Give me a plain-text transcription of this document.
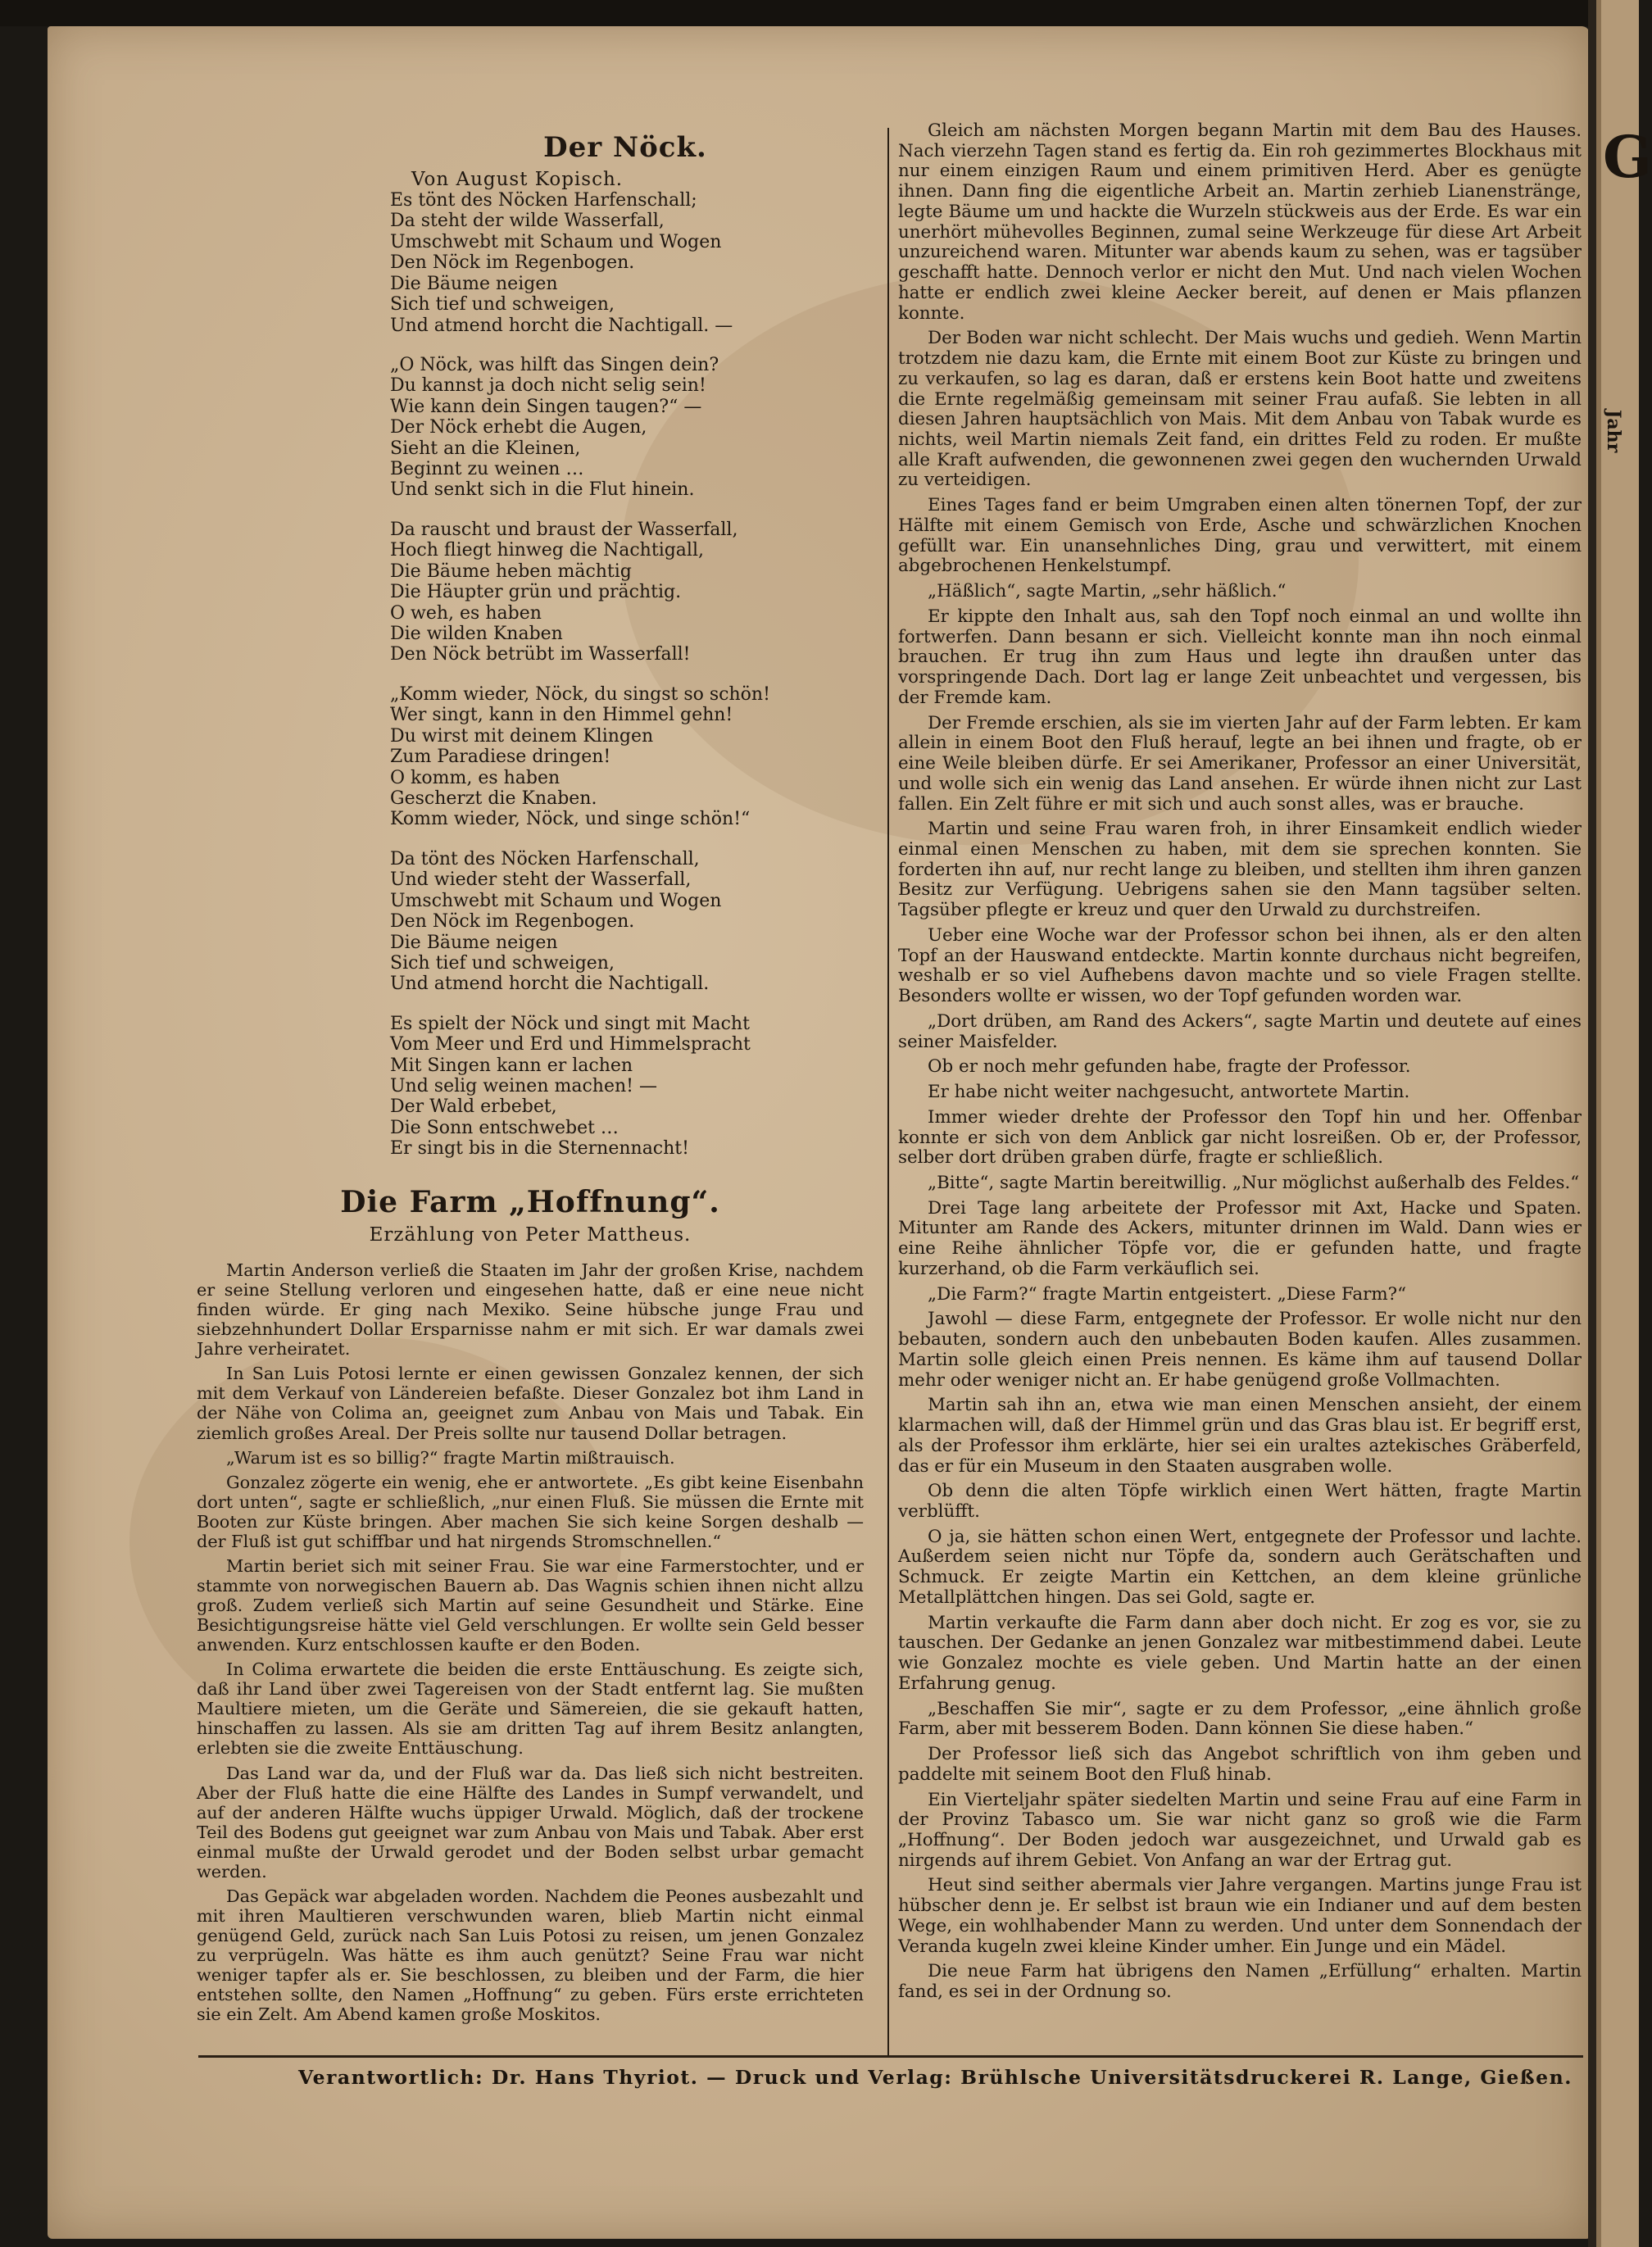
G
Jahr
Der Nöck.
Von August Kopisch.
Es tönt des Nöcken Harfenschall;
Da steht der wilde Wasserfall,
Umschwebt mit Schaum und Wogen
Den Nöck im Regenbogen.
Die Bäume neigen
Sich tief und schweigen,
Und atmend horcht die Nachtigall. —
„O Nöck, was hilft das Singen dein?
Du kannst ja doch nicht selig sein!
Wie kann dein Singen taugen?“ —
Der Nöck erhebt die Augen,
Sieht an die Kleinen,
Beginnt zu weinen …
Und senkt sich in die Flut hinein.
Da rauscht und braust der Wasserfall,
Hoch fliegt hinweg die Nachtigall,
Die Bäume heben mächtig
Die Häupter grün und prächtig.
O weh, es haben
Die wilden Knaben
Den Nöck betrübt im Wasserfall!
„Komm wieder, Nöck, du singst so schön!
Wer singt, kann in den Himmel gehn!
Du wirst mit deinem Klingen
Zum Paradiese dringen!
O komm, es haben
Gescherzt die Knaben.
Komm wieder, Nöck, und singe schön!“
Da tönt des Nöcken Harfenschall,
Und wieder steht der Wasserfall,
Umschwebt mit Schaum und Wogen
Den Nöck im Regenbogen.
Die Bäume neigen
Sich tief und schweigen,
Und atmend horcht die Nachtigall.
Es spielt der Nöck und singt mit Macht
Vom Meer und Erd und Himmelspracht
Mit Singen kann er lachen
Und selig weinen machen! —
Der Wald erbebet,
Die Sonn entschwebet …
Er singt bis in die Sternennacht!
Die Farm „Hoffnung“.
Erzählung von Peter Mattheus.

Martin Anderson verließ die Staaten im Jahr der großen Krise, nachdem er seine Stellung verloren und eingesehen hatte, daß er eine neue nicht finden würde. Er ging nach Mexiko. Seine hübsche junge Frau und siebzehnhundert Dollar Ersparnisse nahm er mit sich. Er war damals zwei Jahre verheiratet.

In San Luis Potosi lernte er einen gewissen Gonzalez kennen, der sich mit dem Verkauf von Ländereien befaßte. Dieser Gonzalez bot ihm Land in der Nähe von Colima an, geeignet zum Anbau von Mais und Tabak. Ein ziemlich großes Areal. Der Preis sollte nur tausend Dollar betragen.

„Warum ist es so billig?“ fragte Martin mißtrauisch.

Gonzalez zögerte ein wenig, ehe er antwortete. „Es gibt keine Eisenbahn dort unten“, sagte er schließlich, „nur einen Fluß. Sie müssen die Ernte mit Booten zur Küste bringen. Aber machen Sie sich keine Sorgen deshalb — der Fluß ist gut schiffbar und hat nirgends Stromschnellen.“

Martin beriet sich mit seiner Frau. Sie war eine Farmerstochter, und er stammte von norwegischen Bauern ab. Das Wagnis schien ihnen nicht allzu groß. Zudem verließ sich Martin auf seine Gesundheit und Stärke. Eine Besichtigungsreise hätte viel Geld verschlungen. Er wollte sein Geld besser anwenden. Kurz entschlossen kaufte er den Boden.

In Colima erwartete die beiden die erste Enttäuschung. Es zeigte sich, daß ihr Land über zwei Tagereisen von der Stadt entfernt lag. Sie mußten Maultiere mieten, um die Geräte und Sämereien, die sie gekauft hatten, hinschaffen zu lassen. Als sie am dritten Tag auf ihrem Besitz anlangten, erlebten sie die zweite Enttäuschung.

Das Land war da, und der Fluß war da. Das ließ sich nicht bestreiten. Aber der Fluß hatte die eine Hälfte des Landes in Sumpf verwandelt, und auf der anderen Hälfte wuchs üppiger Urwald. Möglich, daß der trockene Teil des Bodens gut geeignet war zum Anbau von Mais und Tabak. Aber erst einmal mußte der Urwald gerodet und der Boden selbst urbar gemacht werden.

Das Gepäck war abgeladen worden. Nachdem die Peones ausbezahlt und mit ihren Maultieren verschwunden waren, blieb Martin nicht einmal genügend Geld, zurück nach San Luis Potosi zu reisen, um jenen Gonzalez zu verprügeln. Was hätte es ihm auch genützt? Seine Frau war nicht weniger tapfer als er. Sie beschlossen, zu bleiben und der Farm, die hier entstehen sollte, den Namen „Hoffnung“ zu geben. Fürs erste errichteten sie ein Zelt. Am Abend kamen große Moskitos.

Gleich am nächsten Morgen begann Martin mit dem Bau des Hauses. Nach vierzehn Tagen stand es fertig da. Ein roh gezimmertes Blockhaus mit nur einem einzigen Raum und einem primitiven Herd. Aber es genügte ihnen. Dann fing die eigentliche Arbeit an. Martin zerhieb Lianenstränge, legte Bäume um und hackte die Wurzeln stückweis aus der Erde. Es war ein unerhört mühevolles Beginnen, zumal seine Werkzeuge für diese Art Arbeit unzureichend waren. Mitunter war abends kaum zu sehen, was er tagsüber geschafft hatte. Dennoch verlor er nicht den Mut. Und nach vielen Wochen hatte er endlich zwei kleine Aecker bereit, auf denen er Mais pflanzen konnte.

Der Boden war nicht schlecht. Der Mais wuchs und gedieh. Wenn Martin trotzdem nie dazu kam, die Ernte mit einem Boot zur Küste zu bringen und zu verkaufen, so lag es daran, daß er erstens kein Boot hatte und zweitens die Ernte regelmäßig gemeinsam mit seiner Frau aufaß. Sie lebten in all diesen Jahren hauptsächlich von Mais. Mit dem Anbau von Tabak wurde es nichts, weil Martin niemals Zeit fand, ein drittes Feld zu roden. Er mußte alle Kraft aufwenden, die gewonnenen zwei gegen den wuchernden Urwald zu verteidigen.

Eines Tages fand er beim Umgraben einen alten tönernen Topf, der zur Hälfte mit einem Gemisch von Erde, Asche und schwärzlichen Knochen gefüllt war. Ein unansehnliches Ding, grau und verwittert, mit einem abgebrochenen Henkelstumpf.

„Häßlich“, sagte Martin, „sehr häßlich.“

Er kippte den Inhalt aus, sah den Topf noch einmal an und wollte ihn fortwerfen. Dann besann er sich. Vielleicht konnte man ihn noch einmal brauchen. Er trug ihn zum Haus und legte ihn draußen unter das vorspringende Dach. Dort lag er lange Zeit unbeachtet und vergessen, bis der Fremde kam.

Der Fremde erschien, als sie im vierten Jahr auf der Farm lebten. Er kam allein in einem Boot den Fluß herauf, legte an bei ihnen und fragte, ob er eine Weile bleiben dürfe. Er sei Amerikaner, Professor an einer Universität, und wolle sich ein wenig das Land ansehen. Er würde ihnen nicht zur Last fallen. Ein Zelt führe er mit sich und auch sonst alles, was er brauche.

Martin und seine Frau waren froh, in ihrer Einsamkeit endlich wieder einmal einen Menschen zu haben, mit dem sie sprechen konnten. Sie forderten ihn auf, nur recht lange zu bleiben, und stellten ihm ihren ganzen Besitz zur Verfügung. Uebrigens sahen sie den Mann tagsüber selten. Tagsüber pflegte er kreuz und quer den Urwald zu durchstreifen.

Ueber eine Woche war der Professor schon bei ihnen, als er den alten Topf an der Hauswand entdeckte. Martin konnte durchaus nicht begreifen, weshalb er so viel Aufhebens davon machte und so viele Fragen stellte. Besonders wollte er wissen, wo der Topf gefunden worden war.

„Dort drüben, am Rand des Ackers“, sagte Martin und deutete auf eines seiner Maisfelder.

Ob er noch mehr gefunden habe, fragte der Professor.

Er habe nicht weiter nachgesucht, antwortete Martin.

Immer wieder drehte der Professor den Topf hin und her. Offenbar konnte er sich von dem Anblick gar nicht losreißen. Ob er, der Professor, selber dort drüben graben dürfe, fragte er schließlich.

„Bitte“, sagte Martin bereitwillig. „Nur möglichst außerhalb des Feldes.“

Drei Tage lang arbeitete der Professor mit Axt, Hacke und Spaten. Mitunter am Rande des Ackers, mitunter drinnen im Wald. Dann wies er eine Reihe ähnlicher Töpfe vor, die er gefunden hatte, und fragte kurzerhand, ob die Farm verkäuflich sei.

„Die Farm?“ fragte Martin entgeistert. „Diese Farm?“

Jawohl — diese Farm, entgegnete der Professor. Er wolle nicht nur den bebauten, sondern auch den unbebauten Boden kaufen. Alles zusammen. Martin solle gleich einen Preis nennen. Es käme ihm auf tausend Dollar mehr oder weniger nicht an. Er habe genügend große Vollmachten.

Martin sah ihn an, etwa wie man einen Menschen ansieht, der einem klarmachen will, daß der Himmel grün und das Gras blau ist. Er begriff erst, als der Professor ihm erklärte, hier sei ein uraltes aztekisches Gräberfeld, das er für ein Museum in den Staaten ausgraben wolle.

Ob denn die alten Töpfe wirklich einen Wert hätten, fragte Martin verblüfft.

O ja, sie hätten schon einen Wert, entgegnete der Professor und lachte. Außerdem seien nicht nur Töpfe da, sondern auch Gerätschaften und Schmuck. Er zeigte Martin ein Kettchen, an dem kleine grünliche Metallplättchen hingen. Das sei Gold, sagte er.

Martin verkaufte die Farm dann aber doch nicht. Er zog es vor, sie zu tauschen. Der Gedanke an jenen Gonzalez war mitbestimmend dabei. Leute wie Gonzalez mochte es viele geben. Und Martin hatte an der einen Erfahrung genug.

„Beschaffen Sie mir“, sagte er zu dem Professor, „eine ähnlich große Farm, aber mit besserem Boden. Dann können Sie diese haben.“

Der Professor ließ sich das Angebot schriftlich von ihm geben und paddelte mit seinem Boot den Fluß hinab.

Ein Vierteljahr später siedelten Martin und seine Frau auf eine Farm in der Provinz Tabasco um. Sie war nicht ganz so groß wie die Farm „Hoffnung“. Der Boden jedoch war ausgezeichnet, und Urwald gab es nirgends auf ihrem Gebiet. Von Anfang an war der Ertrag gut.

Heut sind seither abermals vier Jahre vergangen. Martins junge Frau ist hübscher denn je. Er selbst ist braun wie ein Indianer und auf dem besten Wege, ein wohlhabender Mann zu werden. Und unter dem Sonnendach der Veranda kugeln zwei kleine Kinder umher. Ein Junge und ein Mädel.

Die neue Farm hat übrigens den Namen „Erfüllung“ erhalten. Martin fand, es sei in der Ordnung so.

Verantwortlich: Dr. Hans Thyriot. — Druck und Verlag: Brühlsche Universitätsdruckerei R. Lange, Gießen.
